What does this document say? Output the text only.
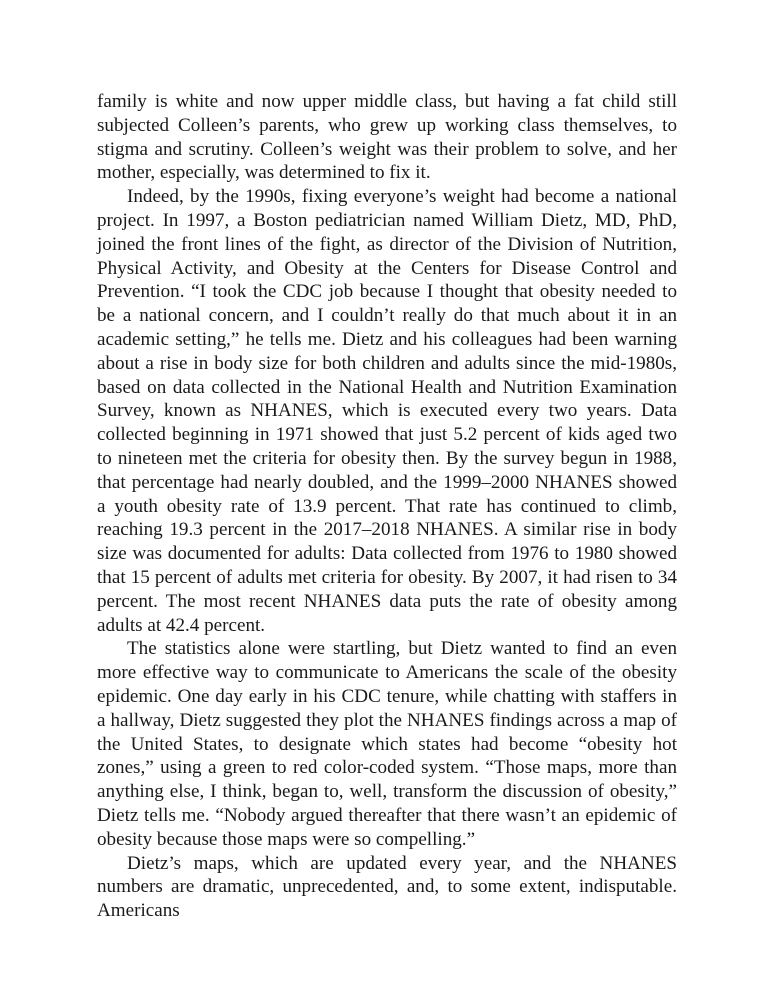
family is white and now upper middle class, but having a fat child still subjected Colleen’s parents, who grew up working class themselves, to stigma and scrutiny. Colleen’s weight was their problem to solve, and her mother, especially, was determined to fix it.

Indeed, by the 1990s, fixing everyone’s weight had become a national project. In 1997, a Boston pediatrician named William Dietz, MD, PhD, joined the front lines of the fight, as director of the Division of Nutrition, Physical Activity, and Obesity at the Centers for Disease Control and Prevention. “I took the CDC job because I thought that obesity needed to be a national concern, and I couldn’t really do that much about it in an academic setting,” he tells me. Dietz and his colleagues had been warning about a rise in body size for both children and adults since the mid-1980s, based on data collected in the National Health and Nutrition Examination Survey, known as NHANES, which is executed every two years. Data collected beginning in 1971 showed that just 5.2 percent of kids aged two to nineteen met the criteria for obesity then. By the survey begun in 1988, that percentage had nearly doubled, and the 1999–2000 NHANES showed a youth obesity rate of 13.9 percent. That rate has continued to climb, reaching 19.3 percent in the 2017–2018 NHANES. A similar rise in body size was documented for adults: Data collected from 1976 to 1980 showed that 15 percent of adults met criteria for obesity. By 2007, it had risen to 34 percent. The most recent NHANES data puts the rate of obesity among adults at 42.4 percent.

The statistics alone were startling, but Dietz wanted to find an even more effective way to communicate to Americans the scale of the obesity epidemic. One day early in his CDC tenure, while chatting with staffers in a hallway, Dietz suggested they plot the NHANES findings across a map of the United States, to designate which states had become “obesity hot zones,” using a green to red color-coded system. “Those maps, more than anything else, I think, began to, well, transform the discussion of obesity,” Dietz tells me. “Nobody argued thereafter that there wasn’t an epidemic of obesity because those maps were so compelling.”

Dietz’s maps, which are updated every year, and the NHANES numbers are dramatic, unprecedented, and, to some extent, indisputable. Americans
